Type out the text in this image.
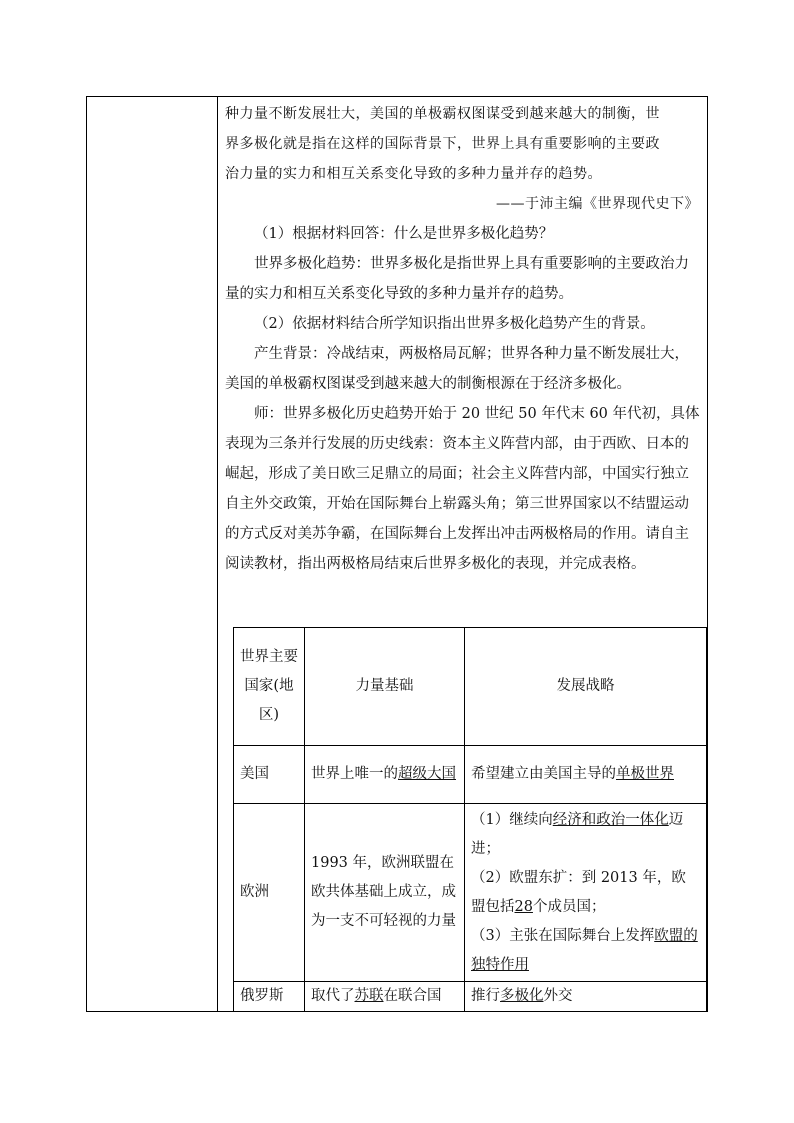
种力量不断发展壮大，美国的单极霸权图谋受到越来越大的制衡，世

界多极化就是指在这样的国际背景下，世界上具有重要影响的主要政

治力量的实力和相互关系变化导致的多种力量并存的趋势。

——于沛主编《世界现代史下》

（1）根据材料回答：什么是世界多极化趋势？

世界多极化趋势：世界多极化是指世界上具有重要影响的主要政治力量的实力和相互关系变化导致的多种力量并存的趋势。

（2）依据材料结合所学知识指出世界多极化趋势产生的背景。

产生背景：冷战结束，两极格局瓦解；世界各种力量不断发展壮大，美国的单极霸权图谋受到越来越大的制衡根源在于经济多极化。

师：世界多极化历史趋势开始于 20 世纪 50 年代末 60 年代初，具体表现为三条并行发展的历史线索：资本主义阵营内部，由于西欧、日本的崛起，形成了美日欧三足鼎立的局面；社会主义阵营内部，中国实行独立自主外交政策，开始在国际舞台上崭露头角；第三世界国家以不结盟运动的方式反对美苏争霸，在国际舞台上发挥出冲击两极格局的作用。请自主阅读教材，指出两极格局结束后世界多极化的表现，并完成表格。

世界主要国家(地区)	力量基础	发展战略
美国	世界上唯一的超级大国	希望建立由美国主导的单极世界
欧洲	1993 年，欧洲联盟在欧共体基础上成立，成为一支不可轻视的力量	（1）继续向经济和政治一体化迈进；
（2）欧盟东扩：到 2013 年，欧盟包括28个成员国；
（3）主张在国际舞台上发挥欧盟的独特作用

俄罗斯	取代了苏联在联合国	推行多极化外交
